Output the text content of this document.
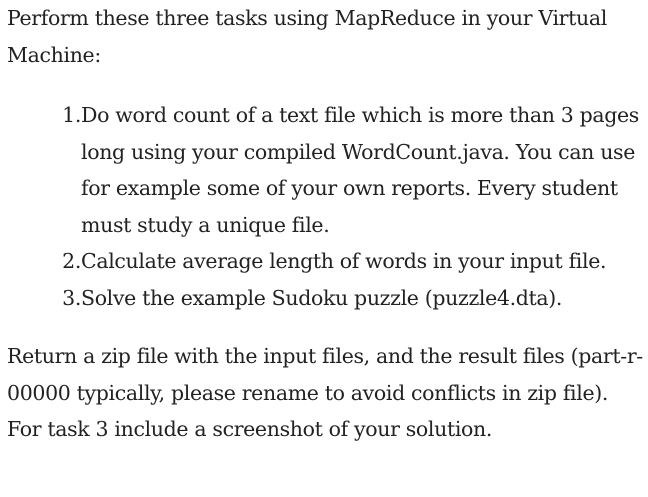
Perform these three tasks using MapReduce in your Virtual Machine:

1. Do word count of a text file which is more than 3 pages long using your compiled WordCount.java. You can use for example some of your own reports. Every student must study a unique file.
2. Calculate average length of words in your input file.
3. Solve the example Sudoku puzzle (puzzle4.dta).

Return a zip file with the input files, and the result files (part-r-00000 typically, please rename to avoid conflicts in zip file). For task 3 include a screenshot of your solution.
